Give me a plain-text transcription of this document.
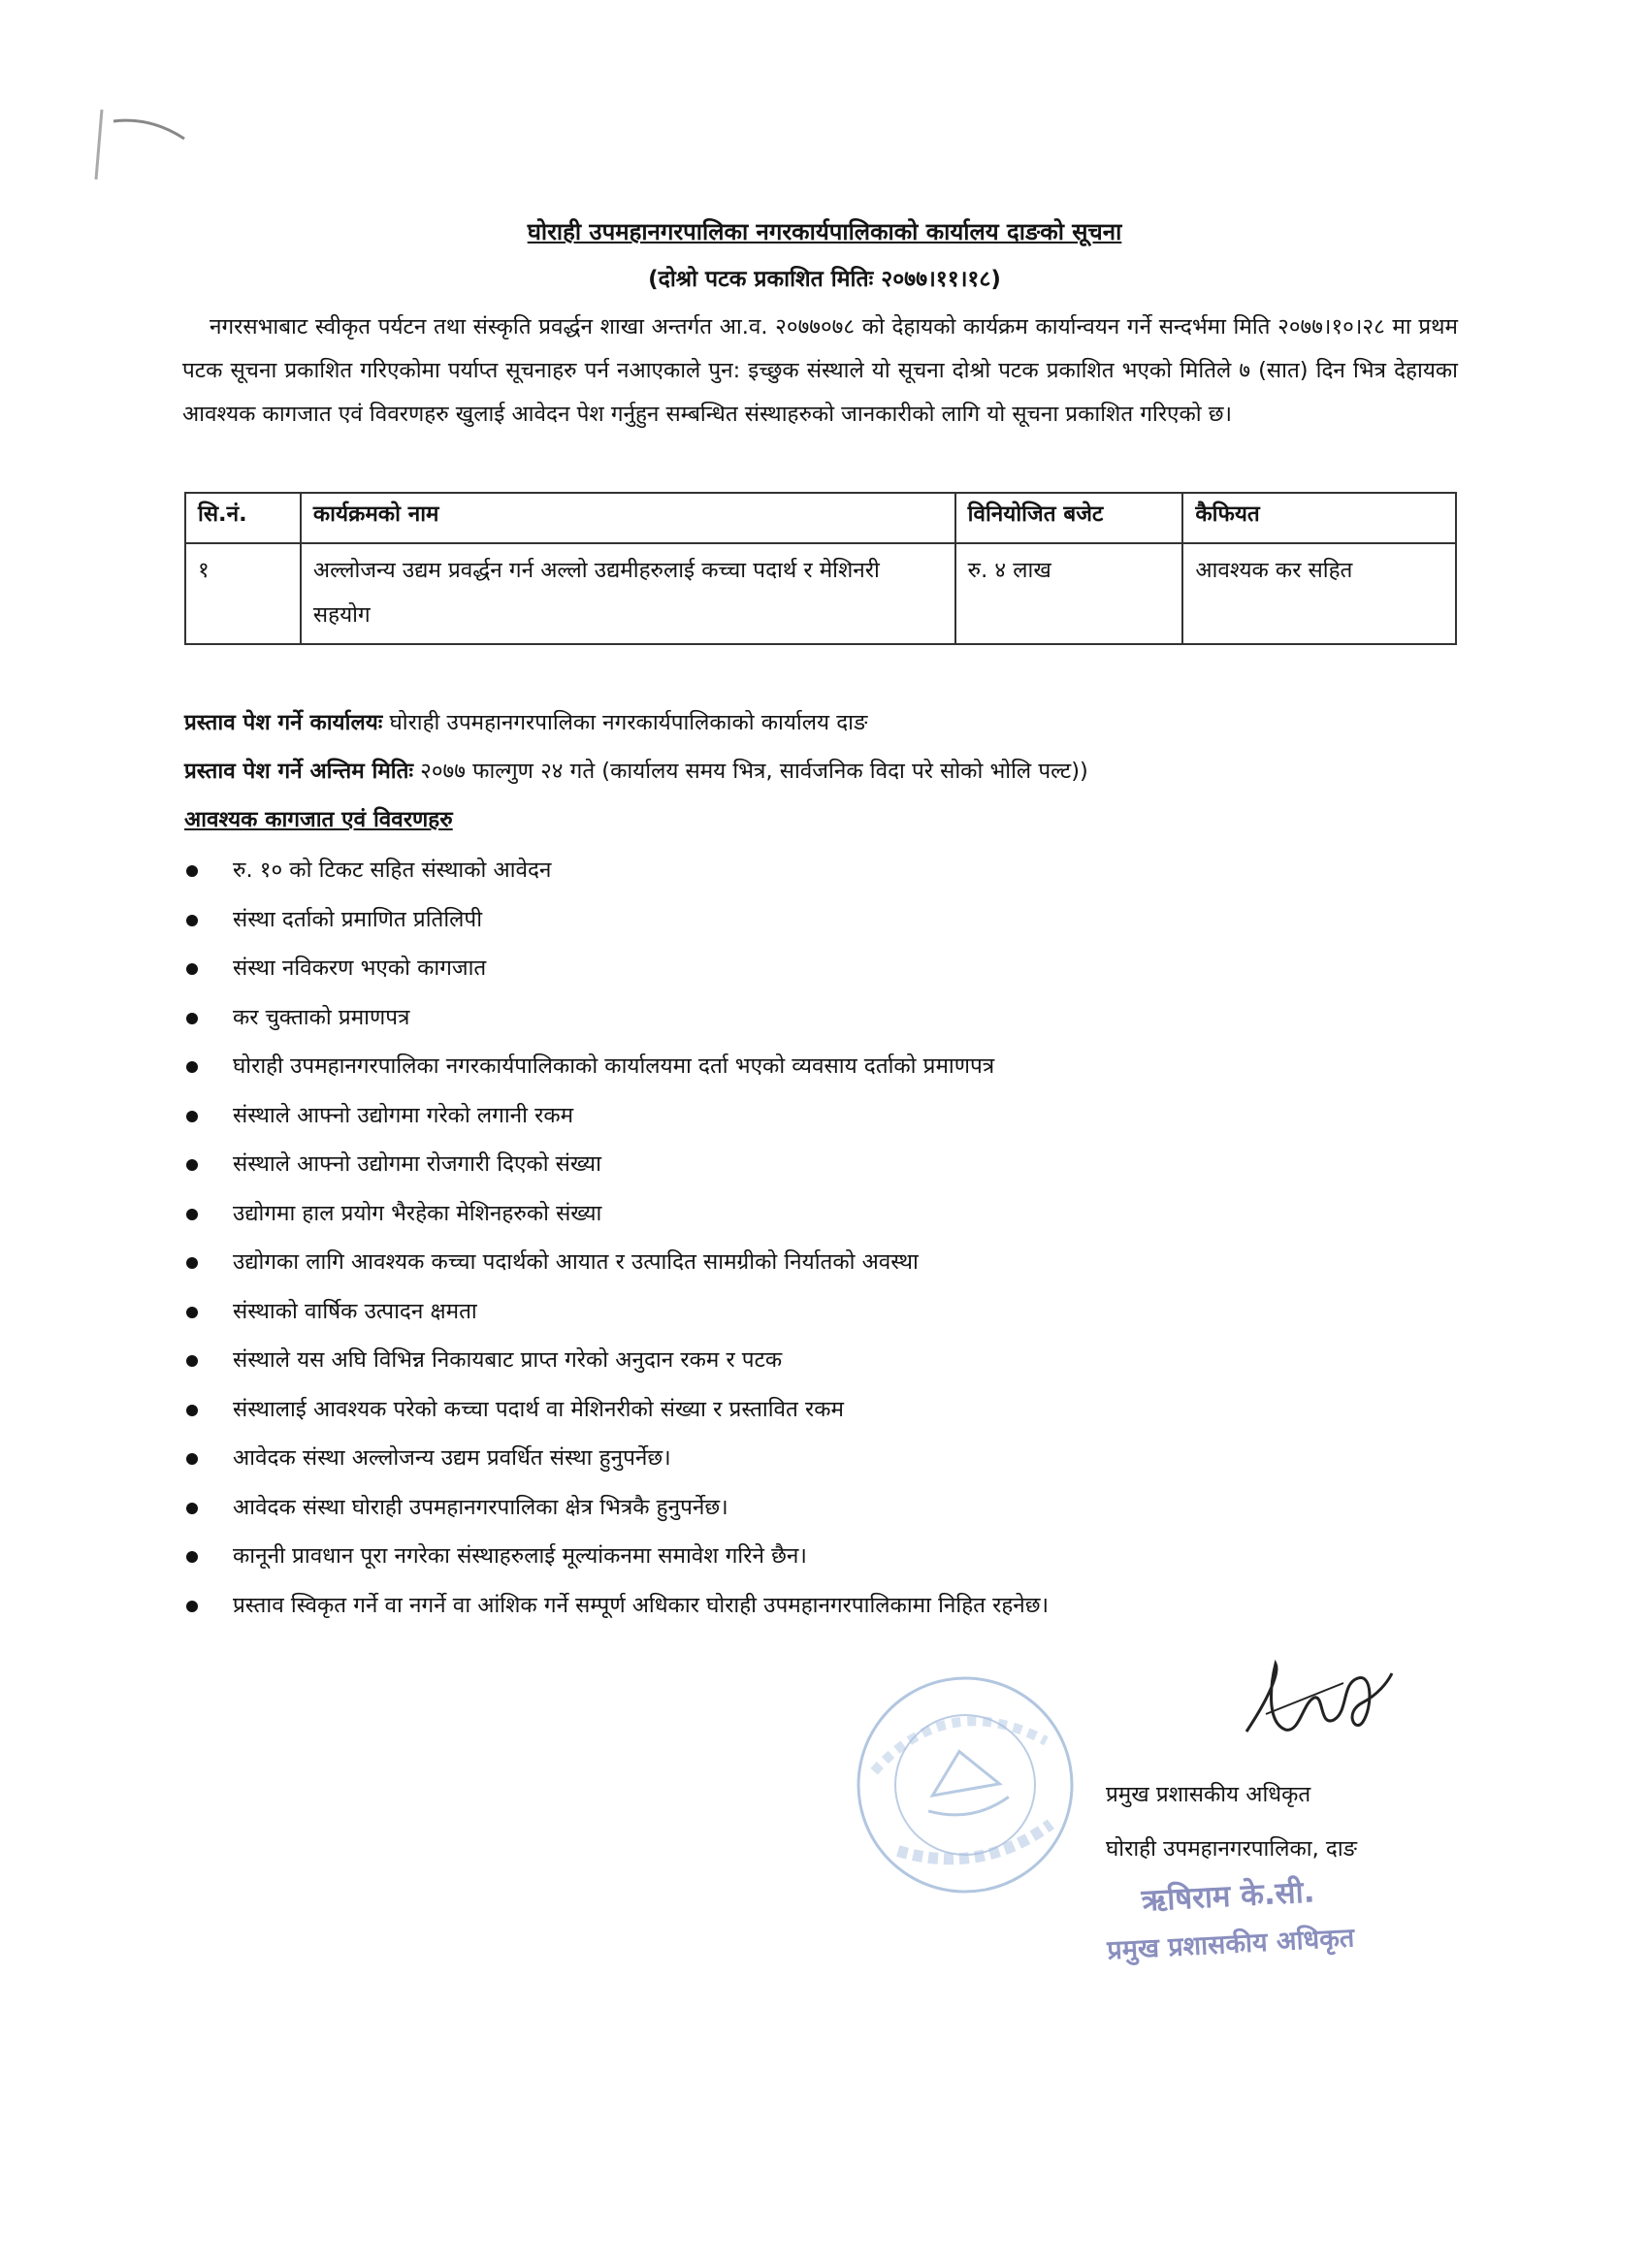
घोराही उपमहानगरपालिका नगरकार्यपालिकाको कार्यालय दाङको सूचना
(दोश्रो पटक प्रकाशित मितिः २०७७।११।१८)
नगरसभाबाट स्वीकृत पर्यटन तथा संस्कृति प्रवर्द्धन शाखा अन्तर्गत आ.व. २०७७०७८ को देहायको कार्यक्रम कार्यान्वयन गर्ने सन्दर्भमा मिति २०७७।१०।२८ मा प्रथम पटक सूचना प्रकाशित गरिएकोमा पर्याप्त सूचनाहरु पर्न नआएकाले पुन: इच्छुक संस्थाले यो सूचना दोश्रो पटक प्रकाशित भएको मितिले ७ (सात) दिन भित्र देहायका आवश्यक कागजात एवं विवरणहरु खुलाई आवेदन पेश गर्नुहुन सम्बन्धित संस्थाहरुको जानकारीको लागि यो सूचना प्रकाशित गरिएको छ।
सि.नं.	कार्यक्रमको नाम	विनियोजित बजेट	कैफियत
१	अल्लोजन्य उद्यम प्रवर्द्धन गर्न अल्लो उद्यमीहरुलाई कच्चा पदार्थ र मेशिनरी सहयोग	रु. ४ लाख	आवश्यक कर सहित
प्रस्ताव पेश गर्ने कार्यालयः घोराही उपमहानगरपालिका नगरकार्यपालिकाको कार्यालय दाङ
प्रस्ताव पेश गर्ने अन्तिम मितिः २०७७ फाल्गुण २४ गते (कार्यालय समय भित्र, सार्वजनिक विदा परे सोको भोलि पल्ट))
आवश्यक कागजात एवं विवरणहरु
रु. १० को टिकट सहित संस्थाको आवेदन
संस्था दर्ताको प्रमाणित प्रतिलिपी
संस्था नविकरण भएको कागजात
कर चुक्ताको प्रमाणपत्र
घोराही उपमहानगरपालिका नगरकार्यपालिकाको कार्यालयमा दर्ता भएको व्यवसाय दर्ताको प्रमाणपत्र
संस्थाले आफ्नो उद्योगमा गरेको लगानी रकम
संस्थाले आफ्नो उद्योगमा रोजगारी दिएको संख्या
उद्योगमा हाल प्रयोग भैरहेका मेशिनहरुको संख्या
उद्योगका लागि आवश्यक कच्चा पदार्थको आयात र उत्पादित सामग्रीको निर्यातको अवस्था
संस्थाको वार्षिक उत्पादन क्षमता
संस्थाले यस अघि विभिन्न निकायबाट प्राप्त गरेको अनुदान रकम र पटक
संस्थालाई आवश्यक परेको कच्चा पदार्थ वा मेशिनरीको संख्या र प्रस्तावित रकम
आवेदक संस्था अल्लोजन्य उद्यम प्रवर्धित संस्था हुनुपर्नेछ।
आवेदक संस्था घोराही उपमहानगरपालिका क्षेत्र भित्रकै हुनुपर्नेछ।
कानूनी प्रावधान पूरा नगरेका संस्थाहरुलाई मूल्यांकनमा समावेश गरिने छैन।
प्रस्ताव स्विकृत गर्ने वा नगर्ने वा आंशिक गर्ने सम्पूर्ण अधिकार घोराही उपमहानगरपालिकामा निहित रहनेछ।
प्रमुख प्रशासकीय अधिकृत
घोराही उपमहानगरपालिका, दाङ
ऋषिराम के.सी.
प्रमुख प्रशासकीय अधिकृत
